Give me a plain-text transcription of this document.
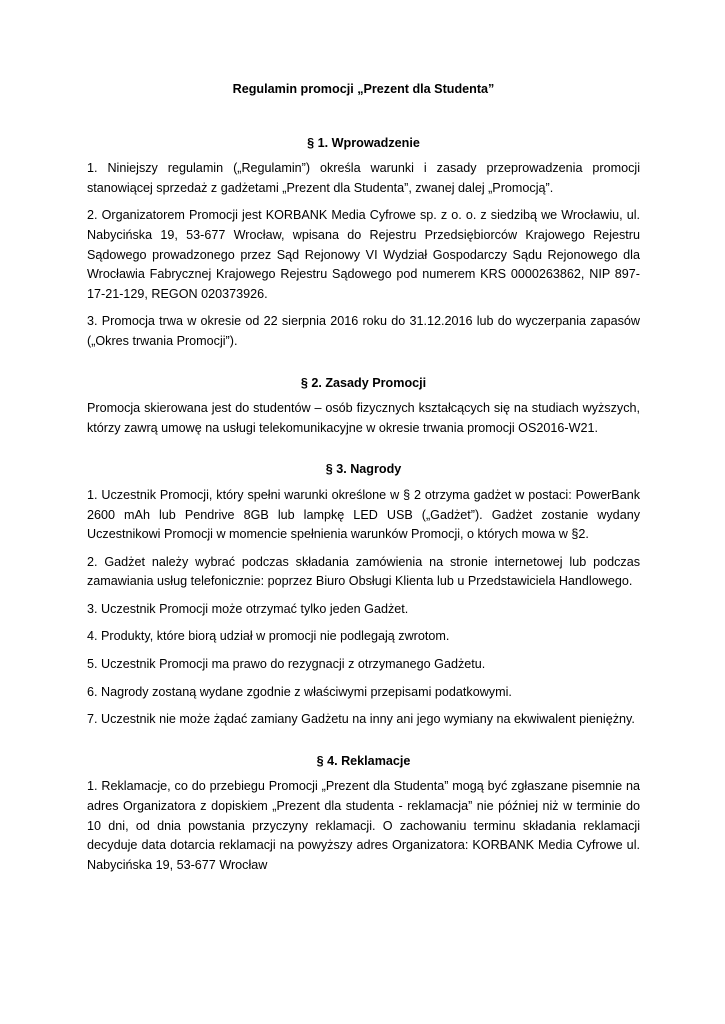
Regulamin promocji „Prezent dla Studenta”
§ 1. Wprowadzenie

1. Niniejszy regulamin („Regulamin”) określa warunki i zasady przeprowadzenia promocji stanowiącej sprzedaż z gadżetami „Prezent dla Studenta”, zwanej dalej „Promocją”.

2. Organizatorem Promocji jest KORBANK Media Cyfrowe sp. z o. o. z siedzibą we Wrocławiu, ul. Nabycińska 19, 53-677 Wrocław, wpisana do Rejestru Przedsiębiorców Krajowego Rejestru Sądowego prowadzonego przez Sąd Rejonowy VI Wydział Gospodarczy Sądu Rejonowego dla Wrocławia Fabrycznej Krajowego Rejestru Sądowego pod numerem KRS 0000263862, NIP 897-17-21-129, REGON 020373926.

3. Promocja trwa w okresie od 22 sierpnia 2016 roku do 31.12.2016 lub do wyczerpania zapasów („Okres trwania Promocji”).

§ 2. Zasady Promocji

Promocja skierowana jest do studentów – osób fizycznych kształcących się na studiach wyższych, którzy zawrą umowę na usługi telekomunikacyjne w okresie trwania promocji OS2016-W21.

§ 3. Nagrody

1. Uczestnik Promocji, który spełni warunki określone w § 2 otrzyma gadżet w postaci: PowerBank 2600 mAh lub Pendrive 8GB lub lampkę LED USB („Gadżet”). Gadżet zostanie wydany Uczestnikowi Promocji w momencie spełnienia warunków Promocji, o których mowa w §2.

2. Gadżet należy wybrać podczas składania zamówienia na stronie internetowej lub podczas zamawiania usług telefonicznie: poprzez Biuro Obsługi Klienta lub u Przedstawiciela Handlowego.

3. Uczestnik Promocji może otrzymać tylko jeden Gadżet.

4. Produkty, które biorą udział w promocji nie podlegają zwrotom.

5. Uczestnik Promocji ma prawo do rezygnacji z otrzymanego Gadżetu.

6. Nagrody zostaną wydane zgodnie z właściwymi przepisami podatkowymi.

7. Uczestnik nie może żądać zamiany Gadżetu na inny ani jego wymiany na ekwiwalent pieniężny.

§ 4. Reklamacje

1. Reklamacje, co do przebiegu Promocji „Prezent dla Studenta” mogą być zgłaszane pisemnie na adres Organizatora z dopiskiem „Prezent dla studenta - reklamacja” nie później niż w terminie do 10 dni, od dnia powstania przyczyny reklamacji. O zachowaniu terminu składania reklamacji decyduje data dotarcia reklamacji na powyższy adres Organizatora: KORBANK Media Cyfrowe ul. Nabycińska 19, 53-677 Wrocław
